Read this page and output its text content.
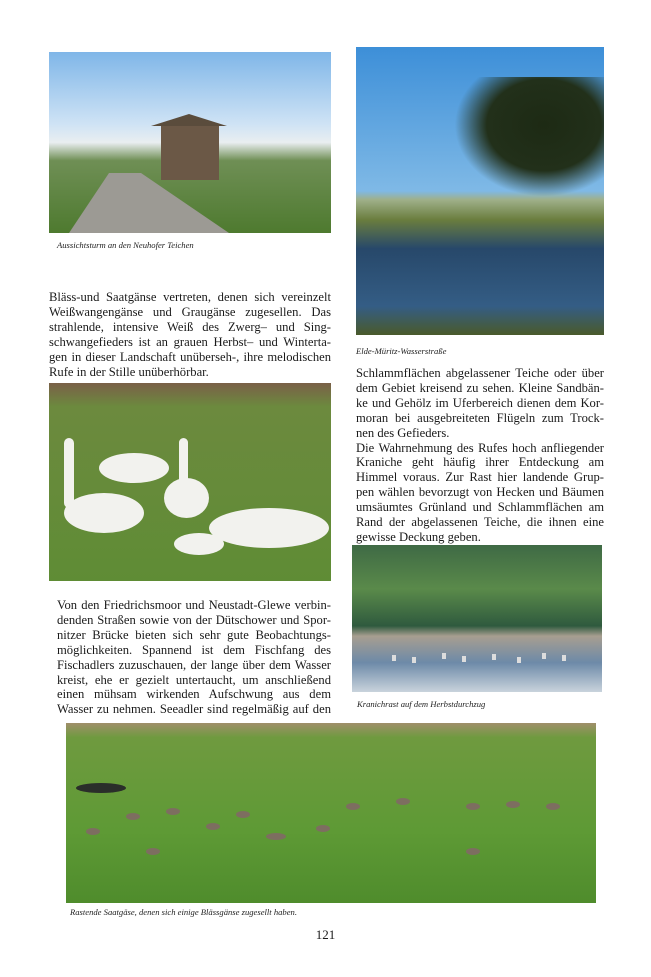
Aussichtsturm an den Neuhofer Teichen
Elde-Müritz-Wasserstraße
Bläss-und Saatgänse vertreten, denen sich vereinzelt
Weißwangengänse und Graugänse zugesellen. Das
strahlende, intensive Weiß des Zwerg– und Sing-
schwangefieders ist an grauen Herbst– und Winterta-
gen in dieser Landschaft unüberseh-, ihre melodischen
Rufe in der Stille unüberhörbar.
Von den Friedrichsmoor und Neustadt-Glewe verbin-
denden Straßen sowie von der Dütschower und Spor-
nitzer Brücke bieten sich sehr gute Beobachtungs-
möglichkeiten. Spannend ist dem Fischfang des
Fischadlers zuzuschauen, der lange über dem Wasser
kreist, ehe er gezielt untertaucht, um anschließend
einen mühsam wirkenden Aufschwung aus dem
Wasser zu nehmen. Seeadler sind regelmäßig auf den
Schlammflächen abgelassener Teiche oder über
dem Gebiet kreisend zu sehen. Kleine Sandbän-
ke und Gehölz im Uferbereich dienen dem Kor-
moran bei ausgebreiteten Flügeln zum Trock-
nen des Gefieders.
Die Wahrnehmung des Rufes hoch anfliegender
Kraniche geht häufig ihrer Entdeckung am
Himmel voraus. Zur Rast hier landende Grup-
pen wählen bevorzugt von Hecken und Bäumen
umsäumtes Grünland und Schlammflächen am
Rand der abgelassenen Teiche, die ihnen eine
gewisse Deckung geben.
Kranichrast auf dem Herbstdurchzug
Rastende Saatgäse, denen sich einige Blässgänse zugesellt haben.
121
